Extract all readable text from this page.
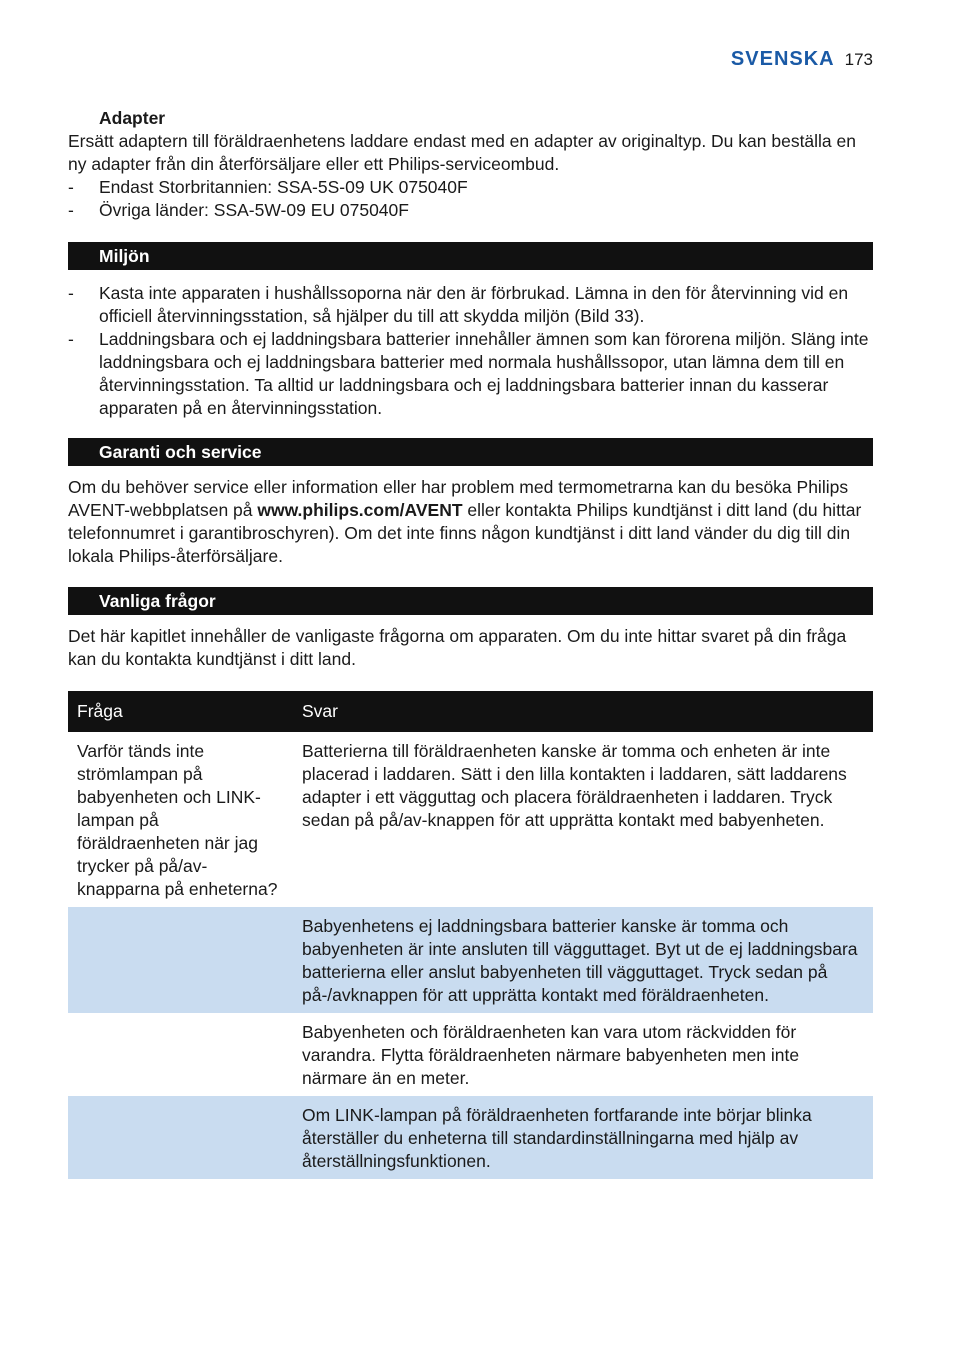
SVENSKA 173
Adapter

Ersätt adaptern till föräldraenhetens laddare endast med en adapter av originaltyp. Du kan beställa en ny adapter från din återförsäljare eller ett Philips-serviceombud.

- Endast Storbritannien: SSA-5S-09 UK 075040F
- Övriga länder: SSA-5W-09 EU 075040F
Miljön
- Kasta inte apparaten i hushållssoporna när den är förbrukad. Lämna in den för återvinning vid en officiell återvinningsstation, så hjälper du till att skydda miljön (Bild 33).
- Laddningsbara och ej laddningsbara batterier innehåller ämnen som kan förorena miljön. Släng inte laddningsbara och ej laddningsbara batterier med normala hushållssopor, utan lämna dem till en återvinningsstation. Ta alltid ur laddningsbara och ej laddningsbara batterier innan du kasserar apparaten på en återvinningsstation.
Garanti och service

Om du behöver service eller information eller har problem med termometrarna kan du besöka Philips AVENT-webbplatsen på www.philips.com/AVENT eller kontakta Philips kundtjänst i ditt land (du hittar telefonnumret i garantibroschyren). Om det inte finns någon kundtjänst i ditt land vänder du dig till din lokala Philips-återförsäljare.

Vanliga frågor

Det här kapitlet innehåller de vanligaste frågorna om apparaten. Om du inte hittar svaret på din fråga kan du kontakta kundtjänst i ditt land.

Fråga	Svar
Varför tänds inte strömlampan på babyenheten och LINK-lampan på föräldraenheten när jag trycker på på/av-knapparna på enheterna?	Batterierna till föräldraenheten kanske är tomma och enheten är inte placerad i laddaren. Sätt i den lilla kontakten i laddaren, sätt laddarens adapter i ett vägguttag och placera föräldraenheten i laddaren. Tryck sedan på på/av-knappen för att upprätta kontakt med babyenheten.
	Babyenhetens ej laddningsbara batterier kanske är tomma och babyenheten är inte ansluten till vägguttaget. Byt ut de ej laddningsbara batterierna eller anslut babyenheten till vägguttaget. Tryck sedan på på-/avknappen för att upprätta kontakt med föräldraenheten.
	Babyenheten och föräldraenheten kan vara utom räckvidden för varandra. Flytta föräldraenheten närmare babyenheten men inte närmare än en meter.
	Om LINK-lampan på föräldraenheten fortfarande inte börjar blinka återställer du enheterna till standardinställningarna med hjälp av återställningsfunktionen.
